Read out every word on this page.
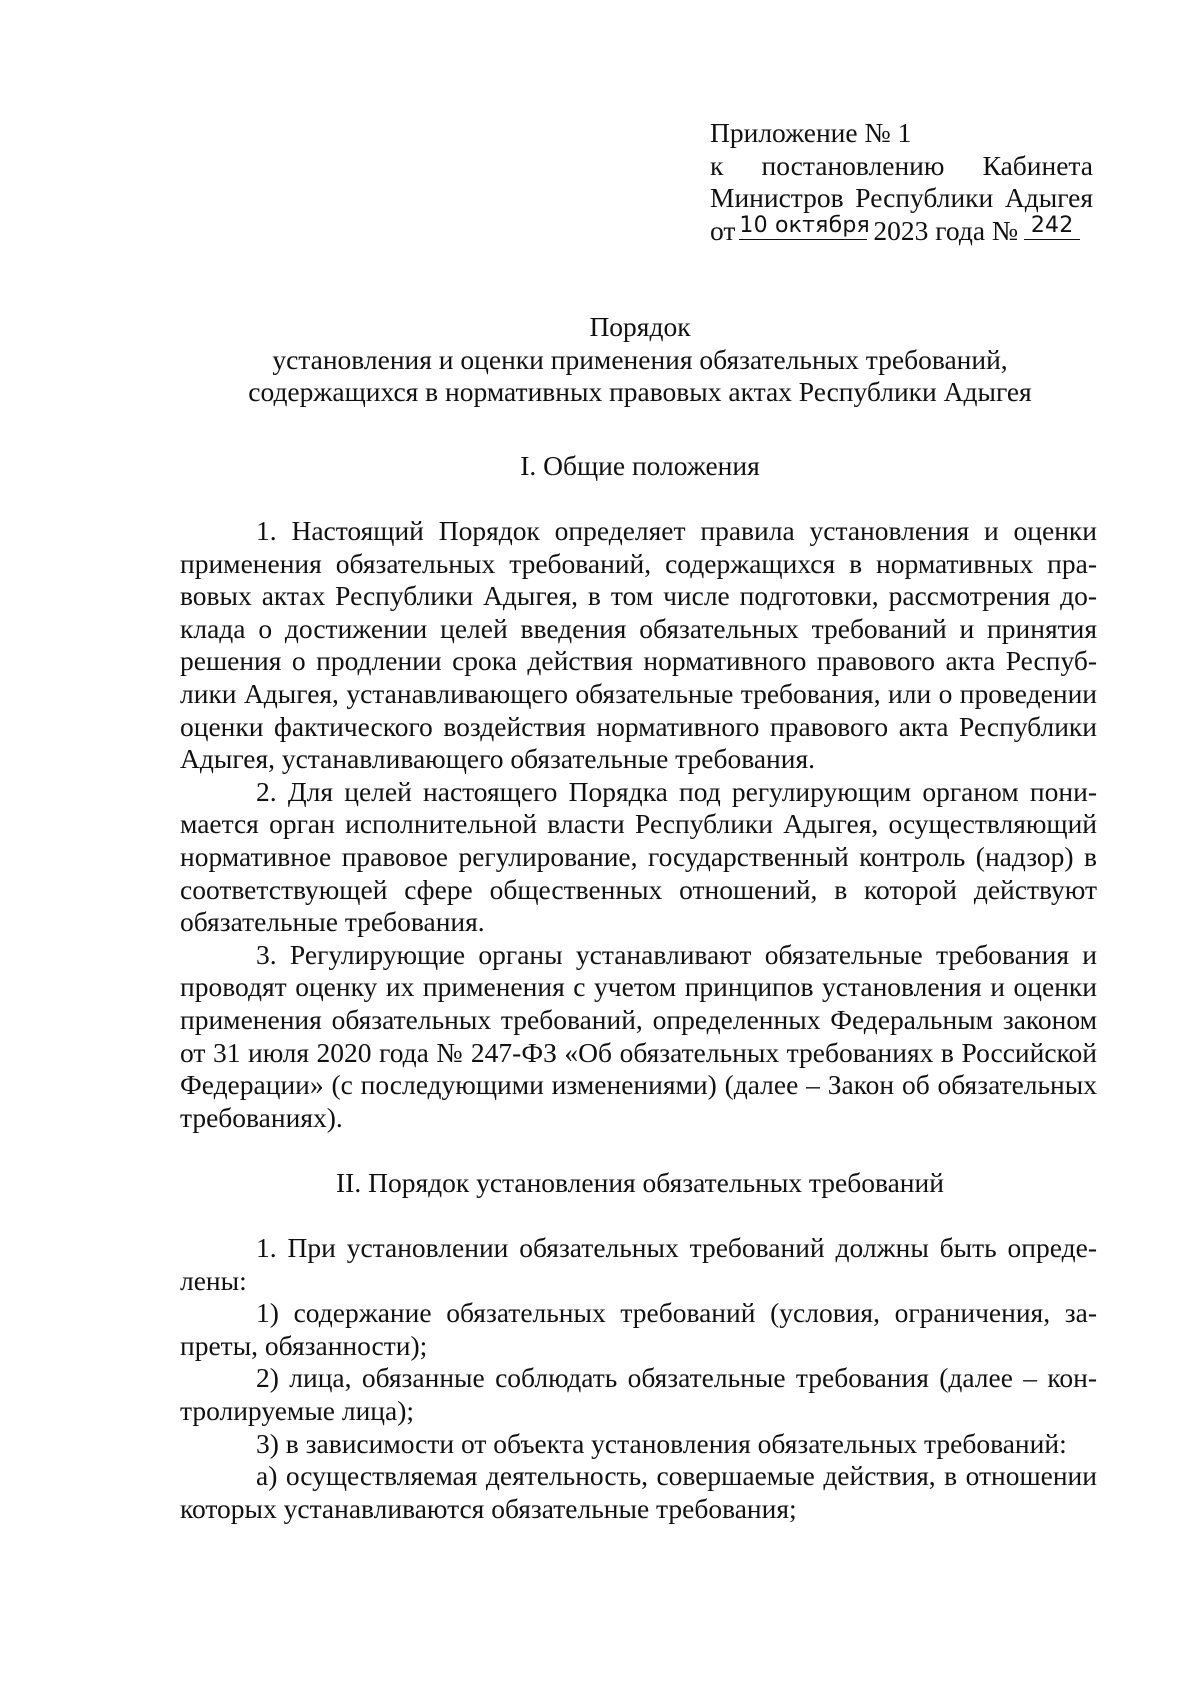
Приложение № 1
к постановлению Кабинета
Министров Республики Адыгея
от 10 октября 2023 года № 242
Порядок
установления и оценки применения обязательных требований,
содержащихся в нормативных правовых актах Республики Адыгея
I. Общие положения

1. Настоящий Порядок определяет правила установления и оценки применения обязательных требований, содержащихся в нормативных правовых актах Республики Адыгея, в том числе подготовки, рассмотрения доклада о достижении целей введения обязательных требований и принятия решения о продлении срока действия нормативного правового акта Республики Адыгея, устанавливающего обязательные требования, или о проведении оценки фактического воздействия нормативного правового акта Республики Адыгея, устанавливающего обязательные требования.

2. Для целей настоящего Порядка под регулирующим органом понимается орган исполнительной власти Республики Адыгея, осуществляющий нормативное правовое регулирование, государственный контроль (надзор) в соответствующей сфере общественных отношений, в которой действуют обязательные требования.

3. Регулирующие органы устанавливают обязательные требования и проводят оценку их применения с учетом принципов установления и оценки применения обязательных требований, определенных Федеральным законом от 31 июля 2020 года № 247-ФЗ «Об обязательных требованиях в Российской Федерации» (с последующими изменениями) (далее – Закон об обязательных требованиях).

II. Порядок установления обязательных требований

1. При установлении обязательных требований должны быть определены:

1) содержание обязательных требований (условия, ограничения, запреты, обязанности);

2) лица, обязанные соблюдать обязательные требования (далее – контролируемые лица);

3) в зависимости от объекта установления обязательных требований:

а) осуществляемая деятельность, совершаемые действия, в отношении которых устанавливаются обязательные требования;
